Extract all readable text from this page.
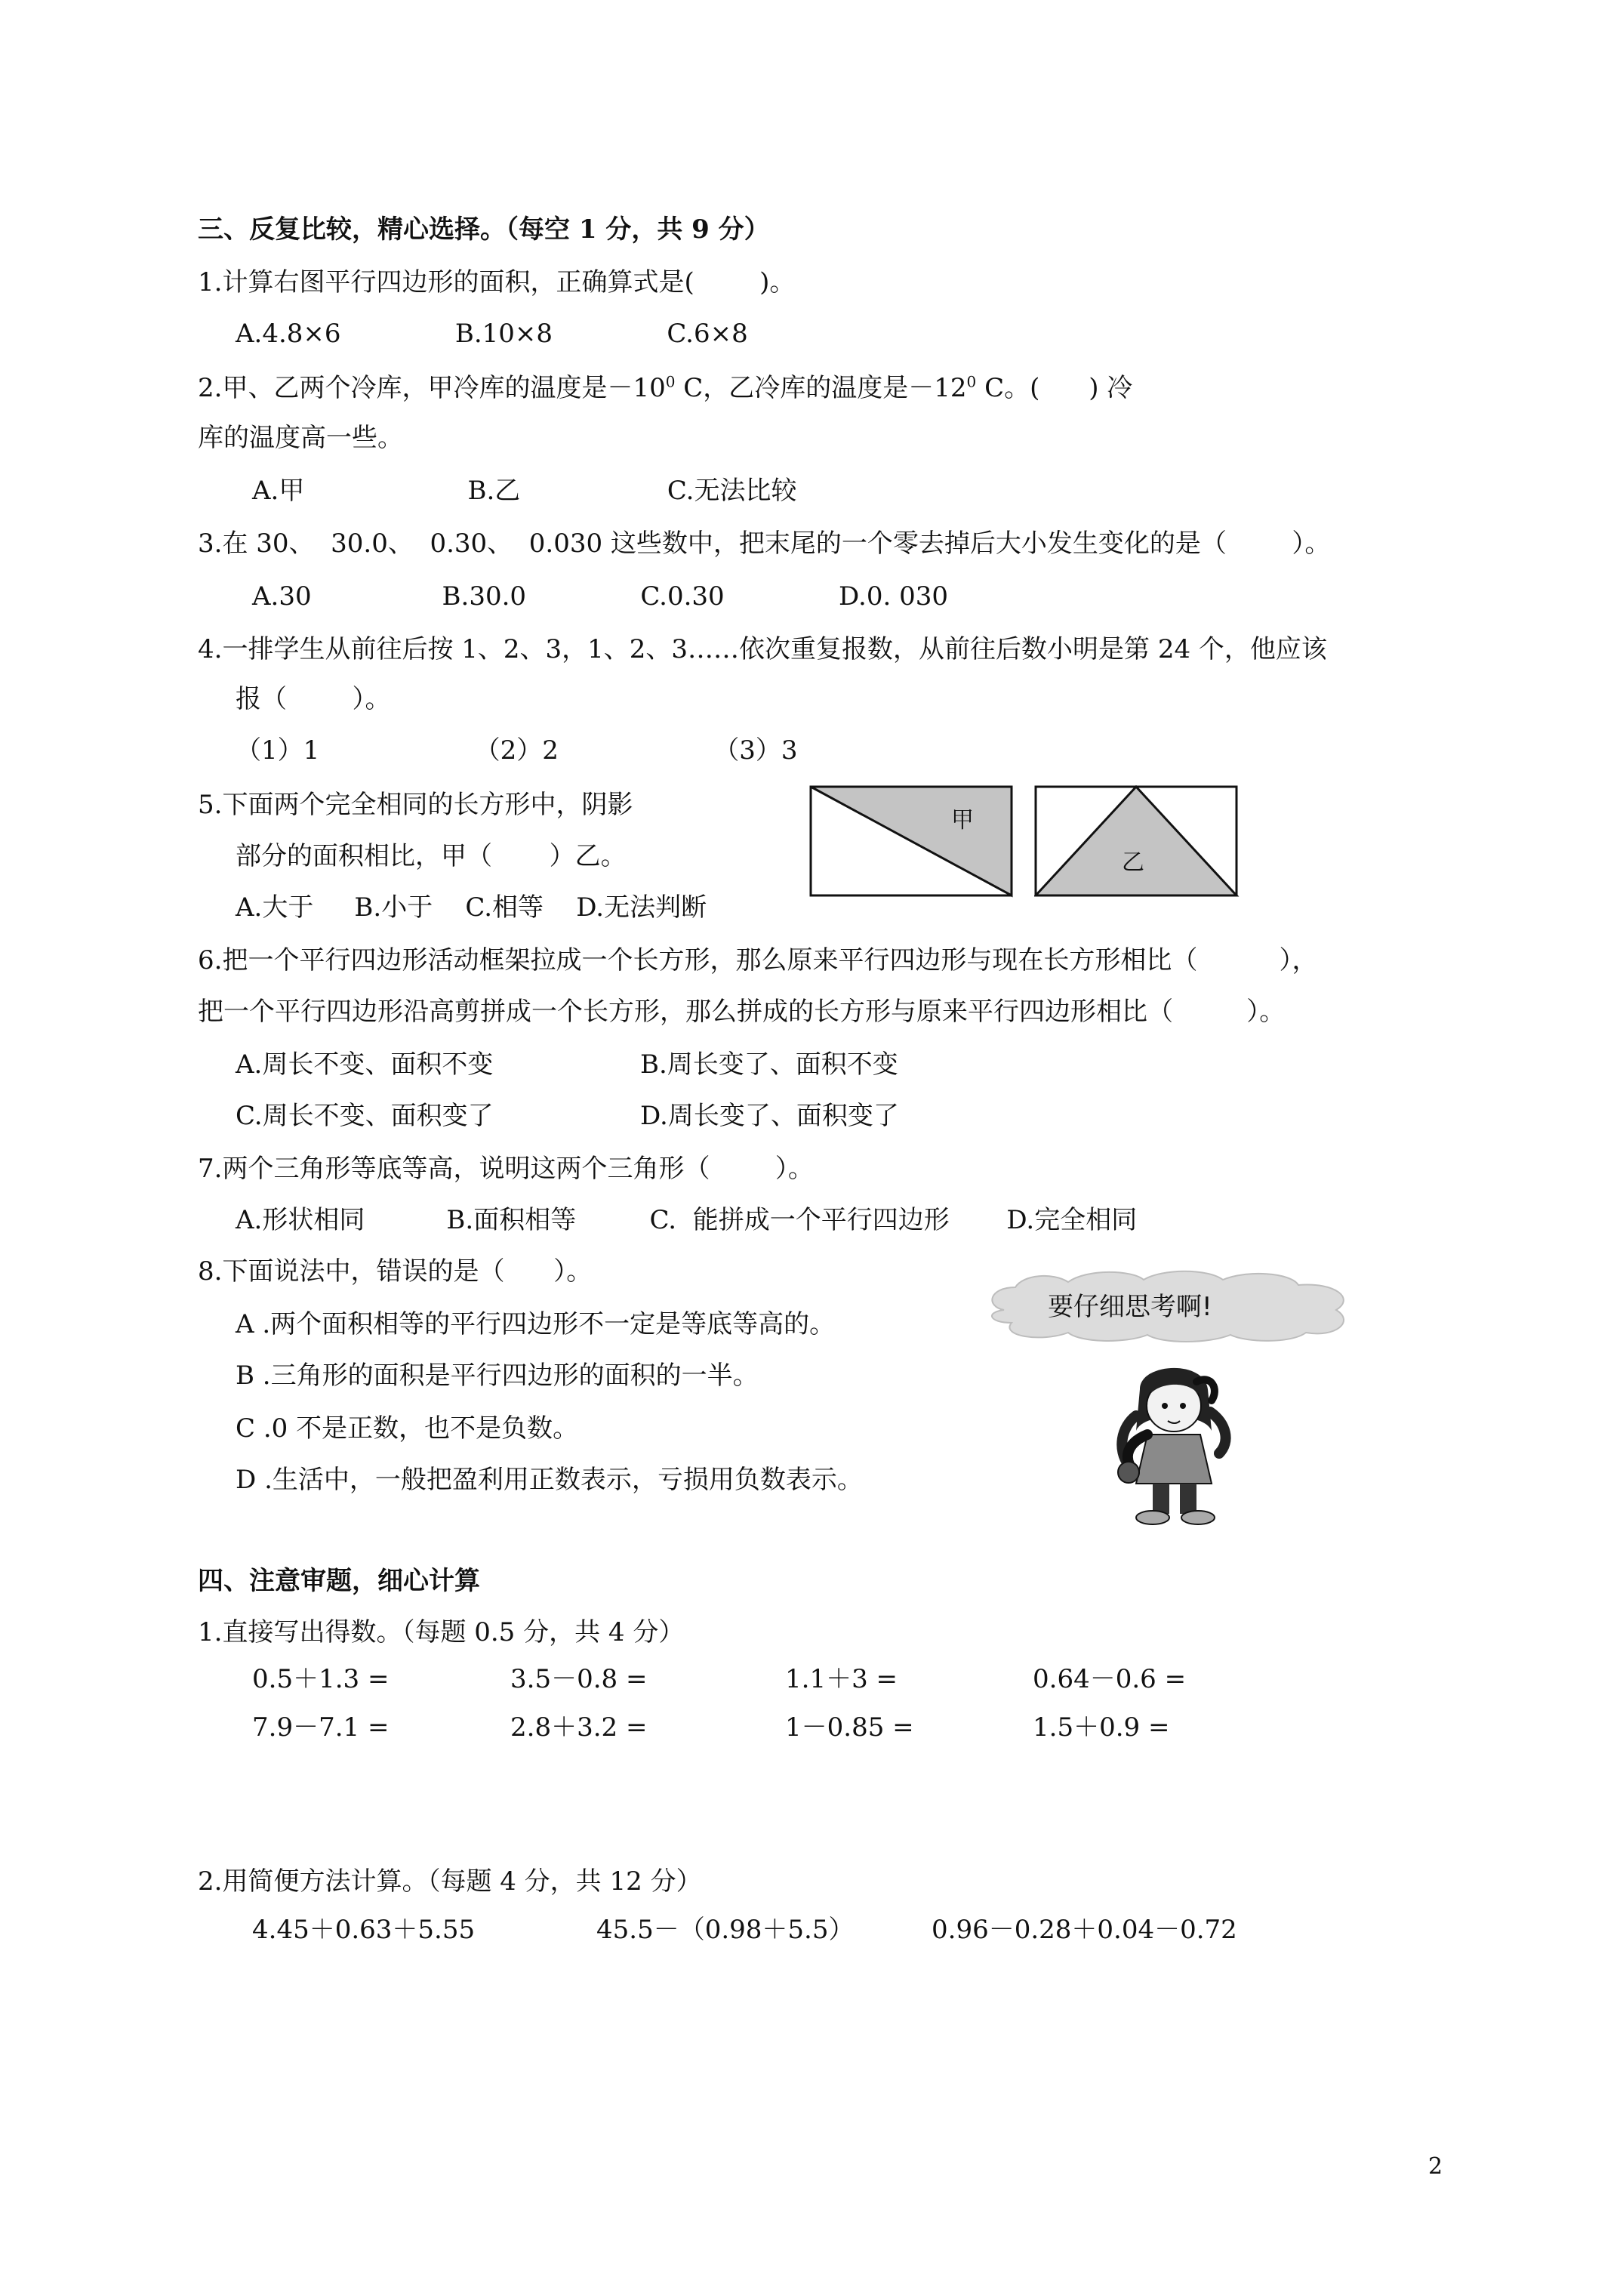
三、反复比较，精心选择。（每空 1 分，共 9 分）
1.计算右图平行四边形的面积，正确算式是(        )。
A.4.8×6              B.10×8              C.6×8
2.甲、乙两个冷库，甲冷库的温度是$-10^0$ C，乙冷库的温度是$-12^0$ C。(      ) 冷
库的温度高一些。
A.甲                    B.乙                  C.无法比较
3.在 30、  30.0、  0.30、  0.030 这些数中，把末尾的一个零去掉后大小发生变化的是（        ）。
A.30                B.30.0              C.0.30              D.0. 030
4.一排学生从前往后按 1、2、3，1、2、3……依次重复报数，从前往后数小明是第 24 个，他应该
报（        ）。
（1）1                   （2）2                   （3）3
5.下面两个完全相同的长方形中，阴影
部分的面积相比，甲（       ）乙。
A.大于     B.小于    C.相等    D.无法判断
甲
乙
6.把一个平行四边形活动框架拉成一个长方形，那么原来平行四边形与现在长方形相比（          ），
把一个平行四边形沿高剪拼成一个长方形，那么拼成的长方形与原来平行四边形相比（         ）。
A.周长不变、面积不变	B.周长变了、面积不变
C.周长不变、面积变了	D.周长变了、面积变了
7.两个三角形等底等高，说明这两个三角形（        ）。
A.形状相同          B.面积相等         C.  能拼成一个平行四边形       D.完全相同
8.下面说法中，错误的是（      ）。
A .两个面积相等的平行四边形不一定是等底等高的。
B .三角形的面积是平行四边形的面积的一半。
C .0 不是正数，也不是负数。
D .生活中，一般把盈利用正数表示，亏损用负数表示。
要仔细思考啊!
四、注意审题，细心计算
1.直接写出得数。（每题 0.5 分，共 4 分）
0.5＋1.3 =	3.5－0.8 =	1.1＋3 =	0.64－0.6 =
7.9－7.1 =	2.8＋3.2 =	1－0.85 =	1.5＋0.9 =
2.用简便方法计算。（每题 4 分，共 12 分）
4.45＋0.63＋5.55	45.5－（0.98＋5.5）	0.96－0.28＋0.04－0.72
2
